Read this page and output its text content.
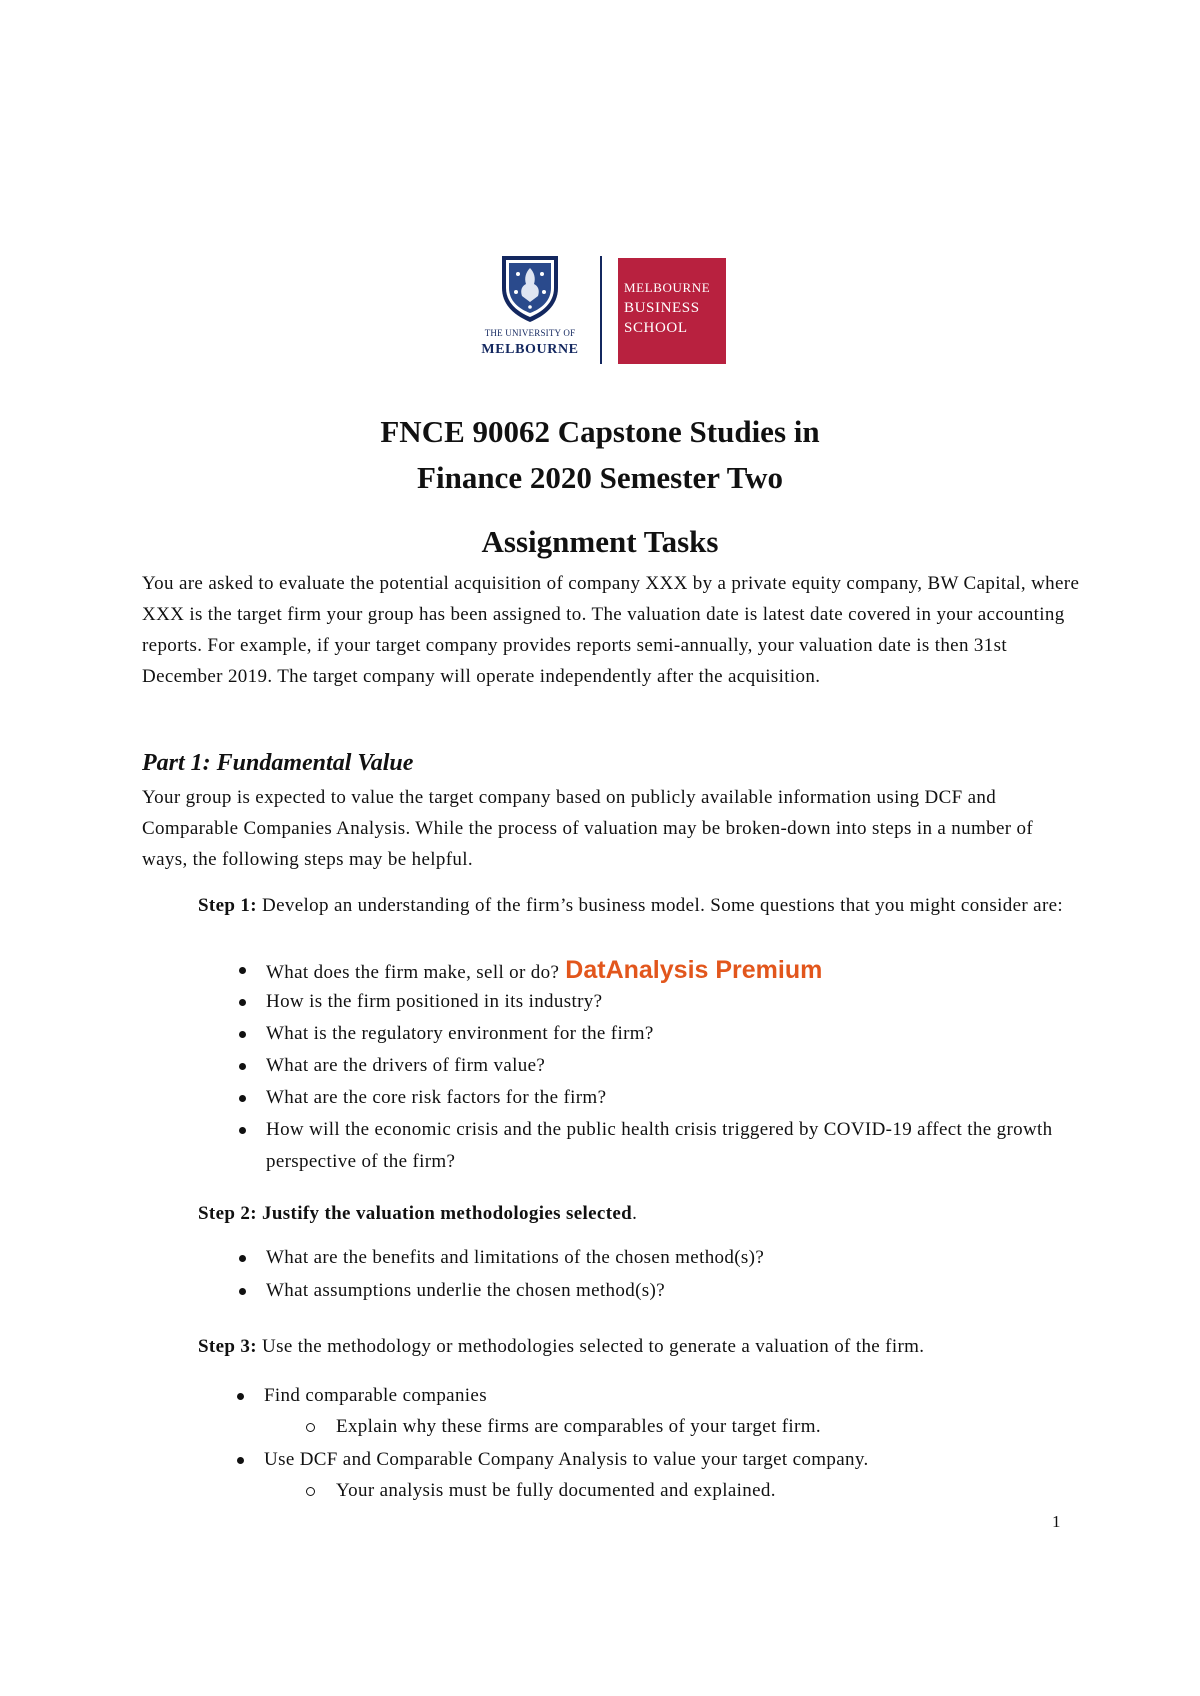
THE UNIVERSITY OF
MELBOURNE
MELBOURNE
BUSINESS
SCHOOL
FNCE 90062 Capstone Studies in
Finance 2020 Semester Two
Assignment Tasks
You are asked to evaluate the potential acquisition of company XXX by a private equity company, BW Capital, where XXX is the target firm your group has been assigned to. The valuation date is latest date covered in your accounting reports. For example, if your target company provides reports semi-annually, your valuation date is then 31st December 2019. The target company will operate independently after the acquisition.
Part 1: Fundamental Value
Your group is expected to value the target company based on publicly available information using DCF and Comparable Companies Analysis. While the process of valuation may be broken-down into steps in a number of ways, the following steps may be helpful.
Step 1: Develop an understanding of the firm’s business model. Some questions that you might consider are:
What does the firm make, sell or do? DatAnalysis Premium
How is the firm positioned in its industry?
What is the regulatory environment for the firm?
What are the drivers of firm value?
What are the core risk factors for the firm?
How will the economic crisis and the public health crisis triggered by COVID-19 affect the growth perspective of the firm?
Step 2: Justify the valuation methodologies selected.
What are the benefits and limitations of the chosen method(s)?
What assumptions underlie the chosen method(s)?
Step 3: Use the methodology or methodologies selected to generate a valuation of the firm.
Find comparable companies
Explain why these firms are comparables of your target firm.
Use DCF and Comparable Company Analysis to value your target company.
Your analysis must be fully documented and explained.
1
